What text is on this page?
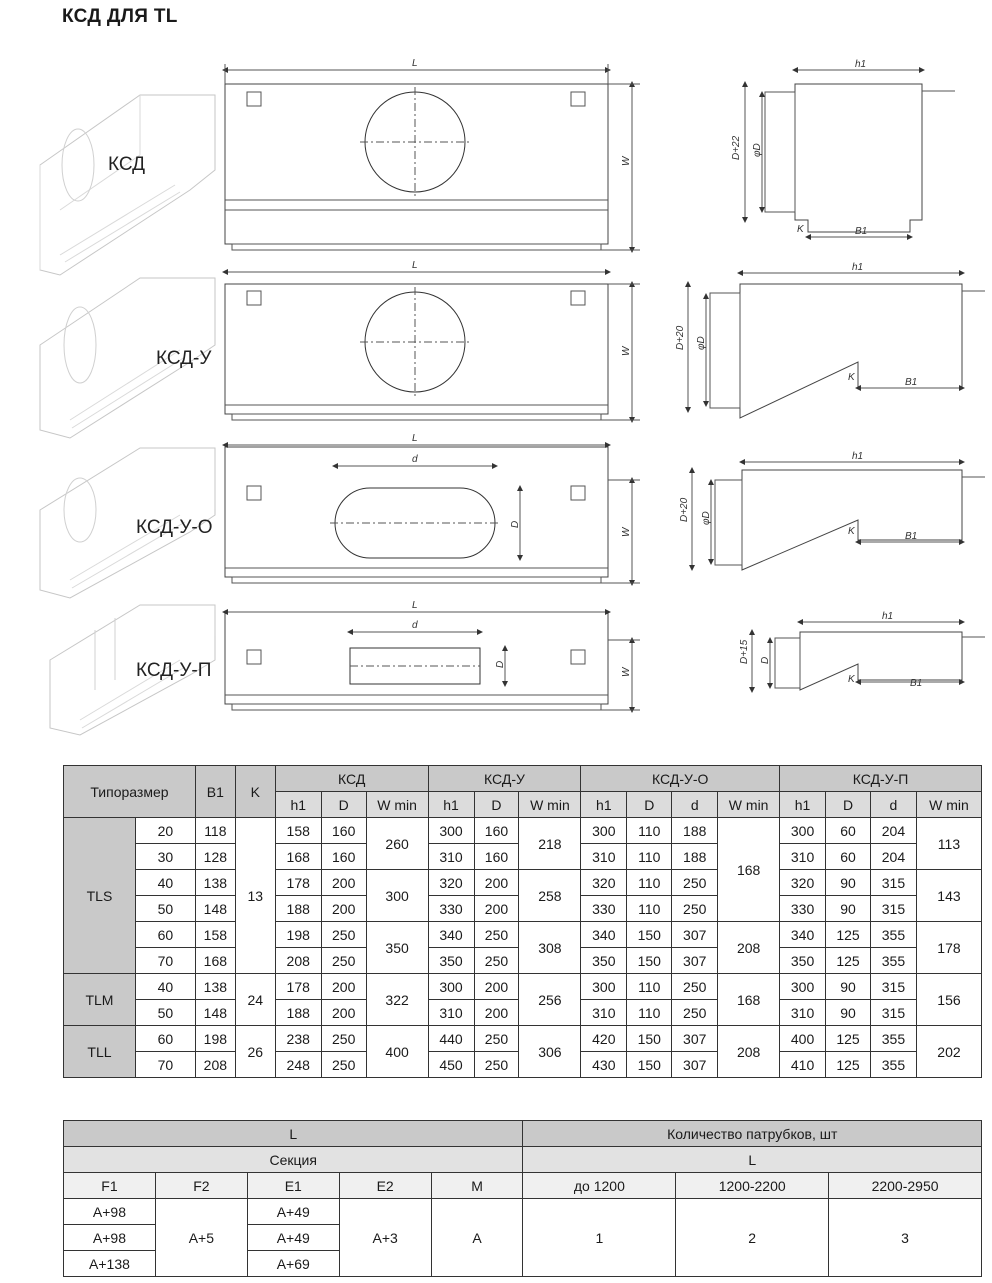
КСД ДЛЯ TL
L
L
L
L
d
d
W
W
W
W
D
D
h1
h1
h1
h1
B1
B1
B1
B1
K
K
K
K
D+22 φD
D+20 φD
D+20 φD
D+15 D
КСД
КСД-У
КСД-У-О
КСД-У-П
Типоразмер		B1	K	КСД			КСД-У			КСД-У-О				КСД-У-П			
				h1	D	W min	h1	D	W min	h1	D	d	W min	h1	D	d	W min
TLS	20	118	13	158	160	260	300	160	218	300	110	188	168	300	60	204	113
	30	128		168	160		310	160		310	110	188		310	60	204	
	40	138		178	200	300	320	200	258	320	110	250		320	90	315	143
	50	148		188	200		330	200		330	110	250		330	90	315	
	60	158		198	250	350	340	250	308	340	150	307	208	340	125	355	178
	70	168		208	250		350	250		350	150	307		350	125	355	
TLM	40	138	24	178	200	322	300	200	256	300	110	250	168	300	90	315	156
	50	148		188	200		310	200		310	110	250		310	90	315	
TLL	60	198	26	238	250	400	440	250	306	420	150	307	208	400	125	355	202
	70	208		248	250		450	250		430	150	307		410	125	355	
L					Количество патрубков, шт		
Секция					L		
F1	F2	E1	E2	M	до 1200	1200-2200	2200-2950
A+98	A+5	A+49	A+3	A	1	2	3
A+98		A+49					
A+138		A+69					
